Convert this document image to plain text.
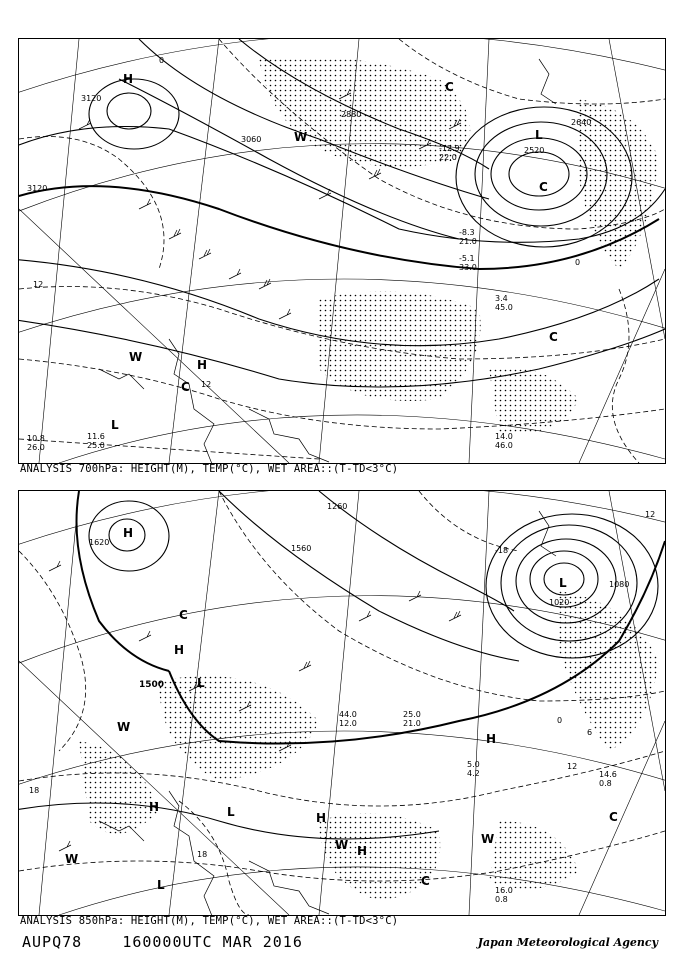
3120
3120
3060
2880
2640
2520
12
12
0
0
H
L
H
L
W
W
C
C
C
C
14.0
46.0
-12.9
22.0
-8.3
21.0
3.4
45.0
-5.1
33.0
11.6
25.0
10.8
26.0
ANALYSIS 700hPa: HEIGHT(M), TEMP(°C), WET AREA::(T-TD<3°C)
1620
1560
1500
1260
1080
1020
18
18
12
12
6
0
-18
H
H
L
L
H
H
L
H
H
L
W
W
W	W
C
C
C
16.0
0.8
14.6
0.8
5.0
4.2
25.0
21.0
44.0
12.0
ANALYSIS 850hPa: HEIGHT(M), TEMP(°C), WET AREA::(T-TD<3°C)
AUPQ78	160000UTC MAR 2016	Japan Meteorological Agency
